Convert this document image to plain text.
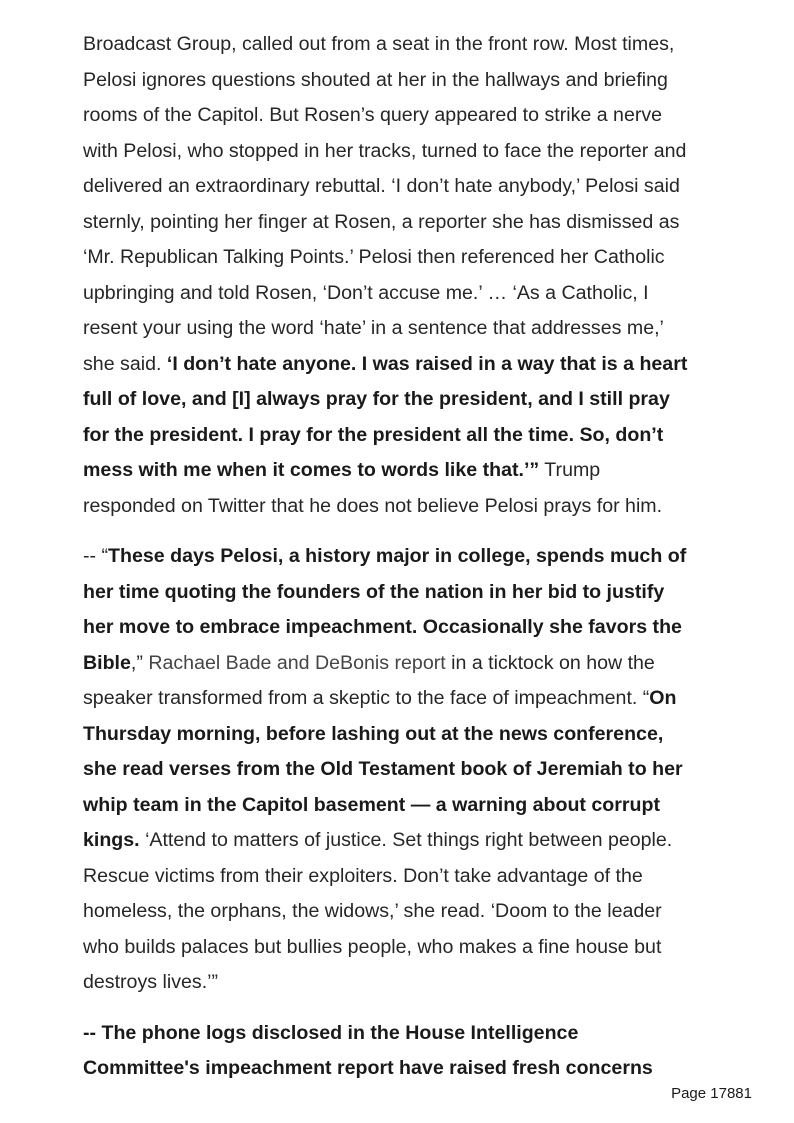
Broadcast Group, called out from a seat in the front row. Most times,
Pelosi ignores questions shouted at her in the hallways and briefing
rooms of the Capitol. But Rosen’s query appeared to strike a nerve
with Pelosi, who stopped in her tracks, turned to face the reporter and
delivered an extraordinary rebuttal. ‘I don’t hate anybody,’ Pelosi said
sternly, pointing her finger at Rosen, a reporter she has dismissed as
‘Mr. Republican Talking Points.’ Pelosi then referenced her Catholic
upbringing and told Rosen, ‘Don’t accuse me.’ … ‘As a Catholic, I
resent your using the word ‘hate’ in a sentence that addresses me,’
she said. ‘I don’t hate anyone. I was raised in a way that is a heart
full of love, and [I] always pray for the president, and I still pray
for the president. I pray for the president all the time. So, don’t
mess with me when it comes to words like that.’” Trump
responded on Twitter that he does not believe Pelosi prays for him.
-- “These days Pelosi, a history major in college, spends much of
her time quoting the founders of the nation in her bid to justify
her move to embrace impeachment. Occasionally she favors the
Bible,” Rachael Bade and DeBonis report in a ticktock on how the
speaker transformed from a skeptic to the face of impeachment. “On
Thursday morning, before lashing out at the news conference,
she read verses from the Old Testament book of Jeremiah to her
whip team in the Capitol basement — a warning about corrupt
kings. ‘Attend to matters of justice. Set things right between people.
Rescue victims from their exploiters. Don’t take advantage of the
homeless, the orphans, the widows,’ she read. ‘Doom to the leader
who builds palaces but bullies people, who makes a fine house but
destroys lives.’”
-- The phone logs disclosed in the House Intelligence
Committee's impeachment report have raised fresh concerns
Page 17881
